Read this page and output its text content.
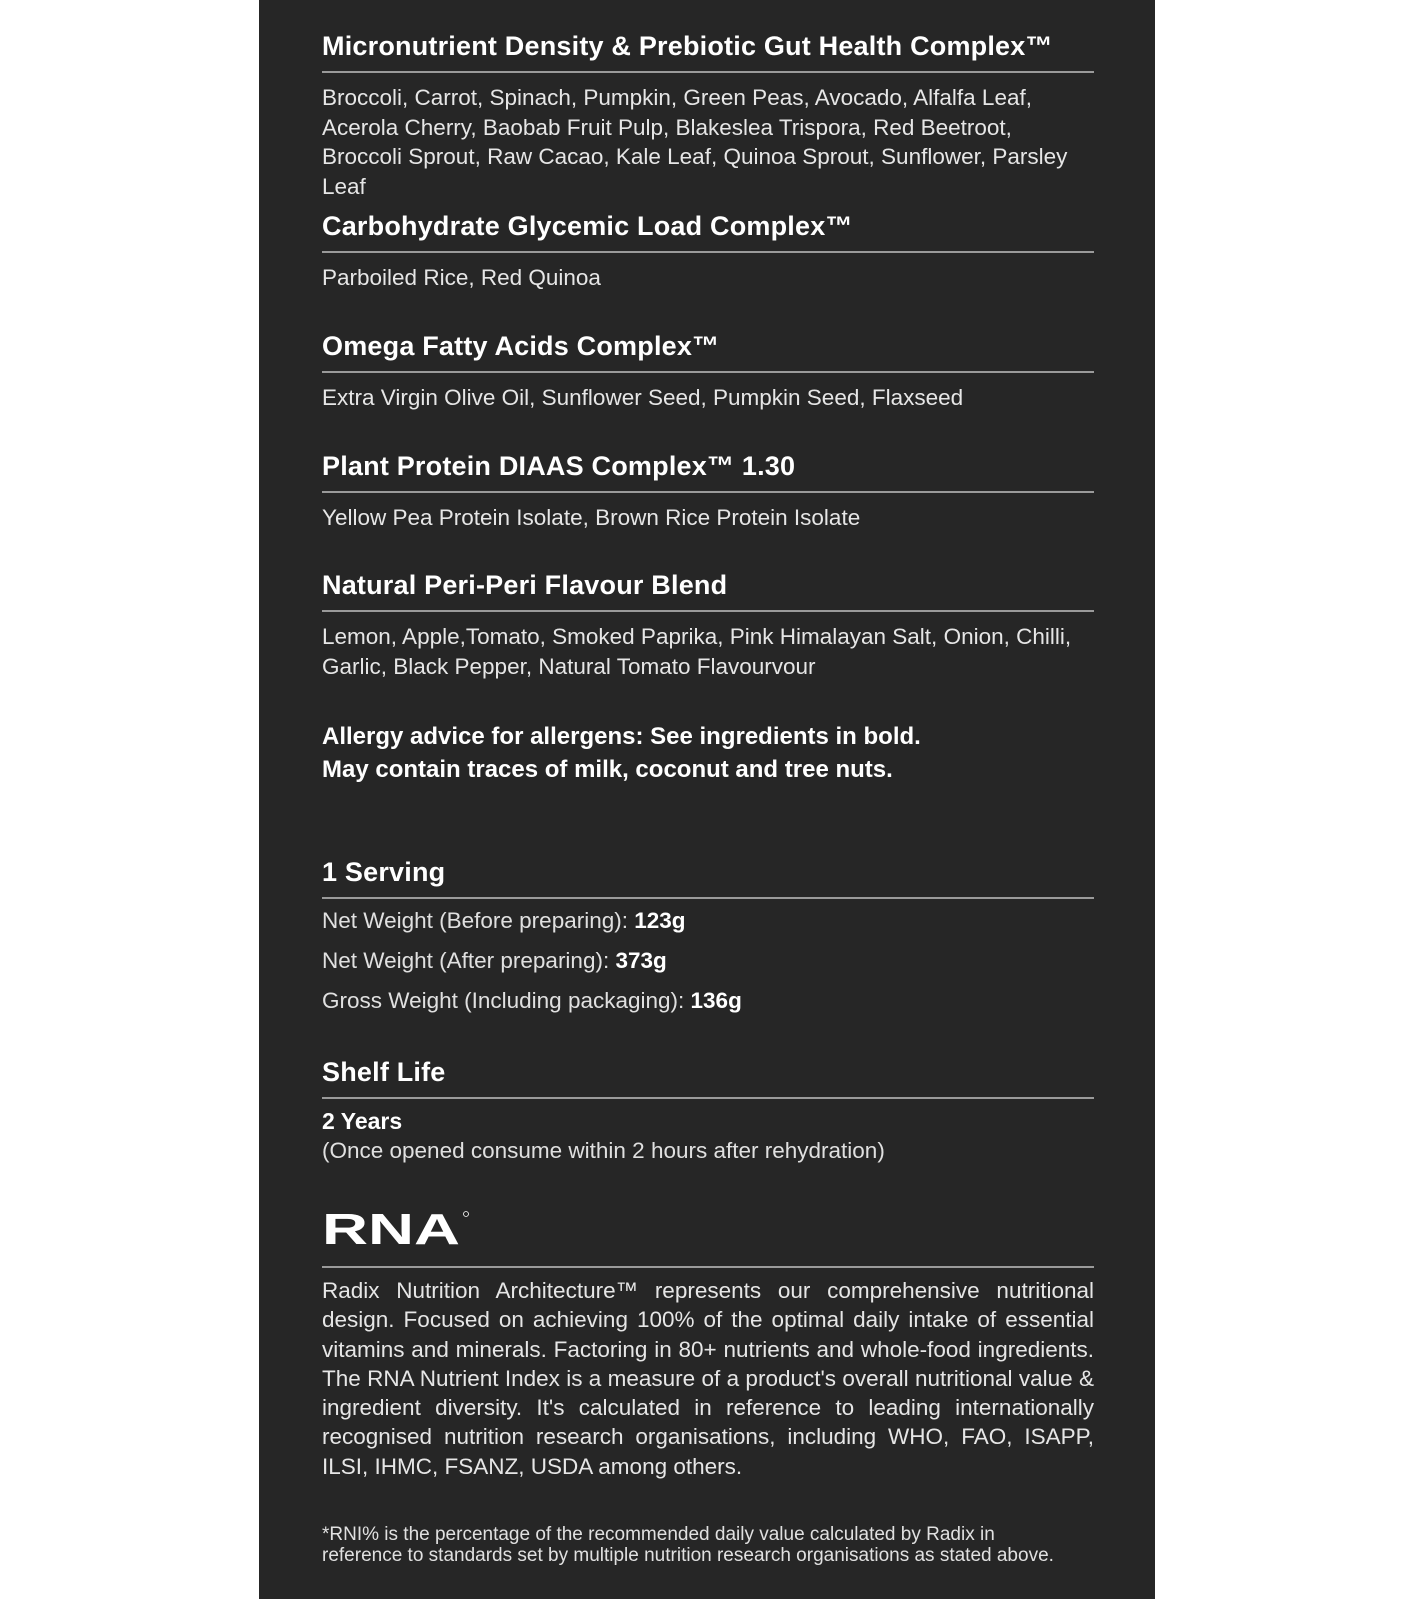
Micronutrient Density & Prebiotic Gut Health Complex™
Broccoli, Carrot, Spinach, Pumpkin, Green Peas, Avocado, Alfalfa Leaf, Acerola Cherry, Baobab Fruit Pulp, Blakeslea Trispora, Red Beetroot, Broccoli Sprout, Raw Cacao, Kale Leaf, Quinoa Sprout, Sunflower, Parsley Leaf
Carbohydrate Glycemic Load Complex™
Parboiled Rice, Red Quinoa
Omega Fatty Acids Complex™
Extra Virgin Olive Oil, Sunflower Seed, Pumpkin Seed, Flaxseed
Plant Protein DIAAS Complex™ 1.30
Yellow Pea Protein Isolate, Brown Rice Protein Isolate
Natural Peri-Peri Flavour Blend
Lemon, Apple,Tomato, Smoked Paprika, Pink Himalayan Salt, Onion, Chilli, Garlic, Black Pepper, Natural Tomato Flavourvour
Allergy advice for allergens: See ingredients in bold.
May contain traces of milk, coconut and tree nuts.
1 Serving
Net Weight (Before preparing): 123g
Net Weight (After preparing): 373g
Gross Weight (Including packaging): 136g
Shelf Life
2 Years
(Once opened consume within 2 hours after rehydration)
RNA
Radix Nutrition Architecture™ represents our comprehensive nutritional design. Focused on achieving 100% of the optimal daily intake of essential vitamins and minerals. Factoring in 80+ nutrients and whole-food ingredients. The RNA Nutrient Index is a measure of a product's overall nutritional value & ingredient diversity. It's calculated in reference to leading internationally recognised nutrition research organisations, including WHO, FAO, ISAPP, ILSI, IHMC, FSANZ, USDA among others.
*RNI% is the percentage of the recommended daily value calculated by Radix in reference to standards set by multiple nutrition research organisations as stated above.
